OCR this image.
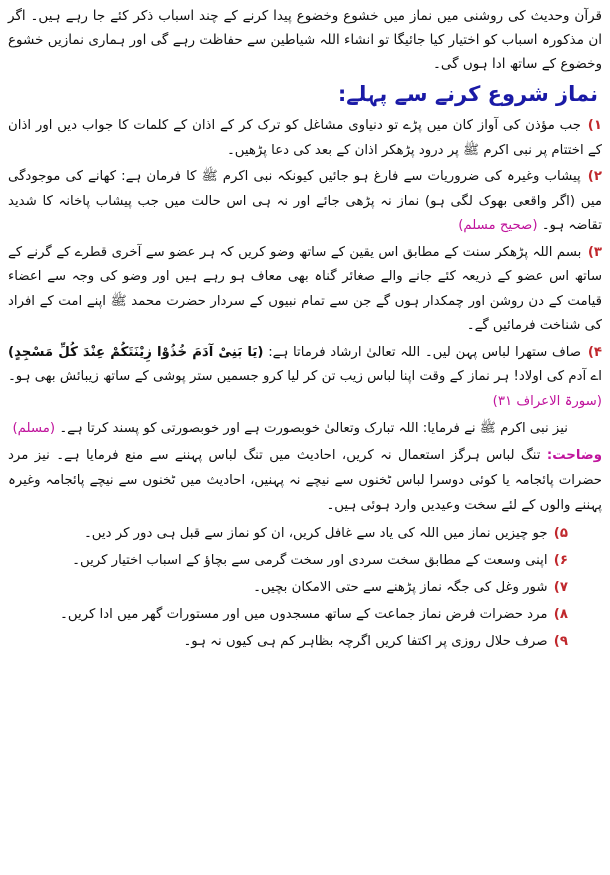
قرآن وحدیث کی روشنی میں نماز میں خشوع وخضوع پیدا کرنے کے چند اسباب ذکر کئے جا رہے ہیں۔ اگر ان مذکورہ اسباب کو اختیار کیا جائیگا تو انشاء اللہ شیاطین سے حفاظت رہے گی اور ہماری نمازیں خشوع وخضوع کے ساتھ ادا ہوں گی۔

نماز شروع کرنے سے پہلے:

۱) جب مؤذن کی آواز کان میں پڑے تو دنیاوی مشاغل کو ترک کر کے اذان کے کلمات کا جواب دیں اور اذان کے اختتام پر نبی اکرم ﷺ پر درود پڑھکر اذان کے بعد کی دعا پڑھیں۔

۲) پیشاب وغیرہ کی ضروریات سے فارغ ہو جائیں کیونکہ نبی اکرم ﷺ کا فرمان ہے: کھانے کی موجودگی میں (اگر واقعی بھوک لگی ہو) نماز نہ پڑھی جائے اور نہ ہی اس حالت میں جب پیشاب پاخانہ کا شدید تقاضہ ہو۔ (صحیح مسلم)

۳) بسم اللہ پڑھکر سنت کے مطابق اس یقین کے ساتھ وضو کریں کہ ہر عضو سے آخری قطرے کے گرنے کے ساتھ اس عضو کے ذریعہ کئے جانے والے صغائر گناہ بھی معاف ہو رہے ہیں اور وضو کی وجہ سے اعضاء قیامت کے دن روشن اور چمکدار ہوں گے جن سے تمام نبیوں کے سردار حضرت محمد ﷺ اپنے امت کے افراد کی شناخت فرمائیں گے۔

۴) صاف ستھرا لباس پہن لیں۔ اللہ تعالیٰ ارشاد فرماتا ہے: (یَا بَنِیْ آدَمَ خُذُوْا زِیْنَتَکُمْ عِنْدَ کُلِّ مَسْجِدٍ) اے آدم کی اولاد! ہر نماز کے وقت اپنا لباس زیب تن کر لیا کرو جسمیں ستر پوشی کے ساتھ زیبائش بھی ہو۔ (سورۃ الاعراف ۳۱)

نیز نبی اکرم ﷺ نے فرمایا: اللہ تبارک وتعالیٰ خوبصورت ہے اور خوبصورتی کو پسند کرتا ہے۔ (مسلم)

وضاحت: تنگ لباس ہرگز استعمال نہ کریں، احادیث میں تنگ لباس پہننے سے منع فرمایا ہے۔ نیز مرد حضرات پائجامہ یا کوئی دوسرا لباس ٹخنوں سے نیچے نہ پہنیں، احادیث میں ٹخنوں سے نیچے پائجامہ وغیرہ پہننے والوں کے لئے سخت وعیدیں وارد ہوئی ہیں۔

۵) جو چیزیں نماز میں اللہ کی یاد سے غافل کریں، ان کو نماز سے قبل ہی دور کر دیں۔
۶) اپنی وسعت کے مطابق سخت سردی اور سخت گرمی سے بچاؤ کے اسباب اختیار کریں۔
۷) شور وغل کی جگہ نماز پڑھنے سے حتی الامکان بچیں۔
۸) مرد حضرات فرض نماز جماعت کے ساتھ مسجدوں میں اور مستورات گھر میں ادا کریں۔
۹) صرف حلال روزی پر اکتفا کریں اگرچہ بظاہر کم ہی کیوں نہ ہو۔
